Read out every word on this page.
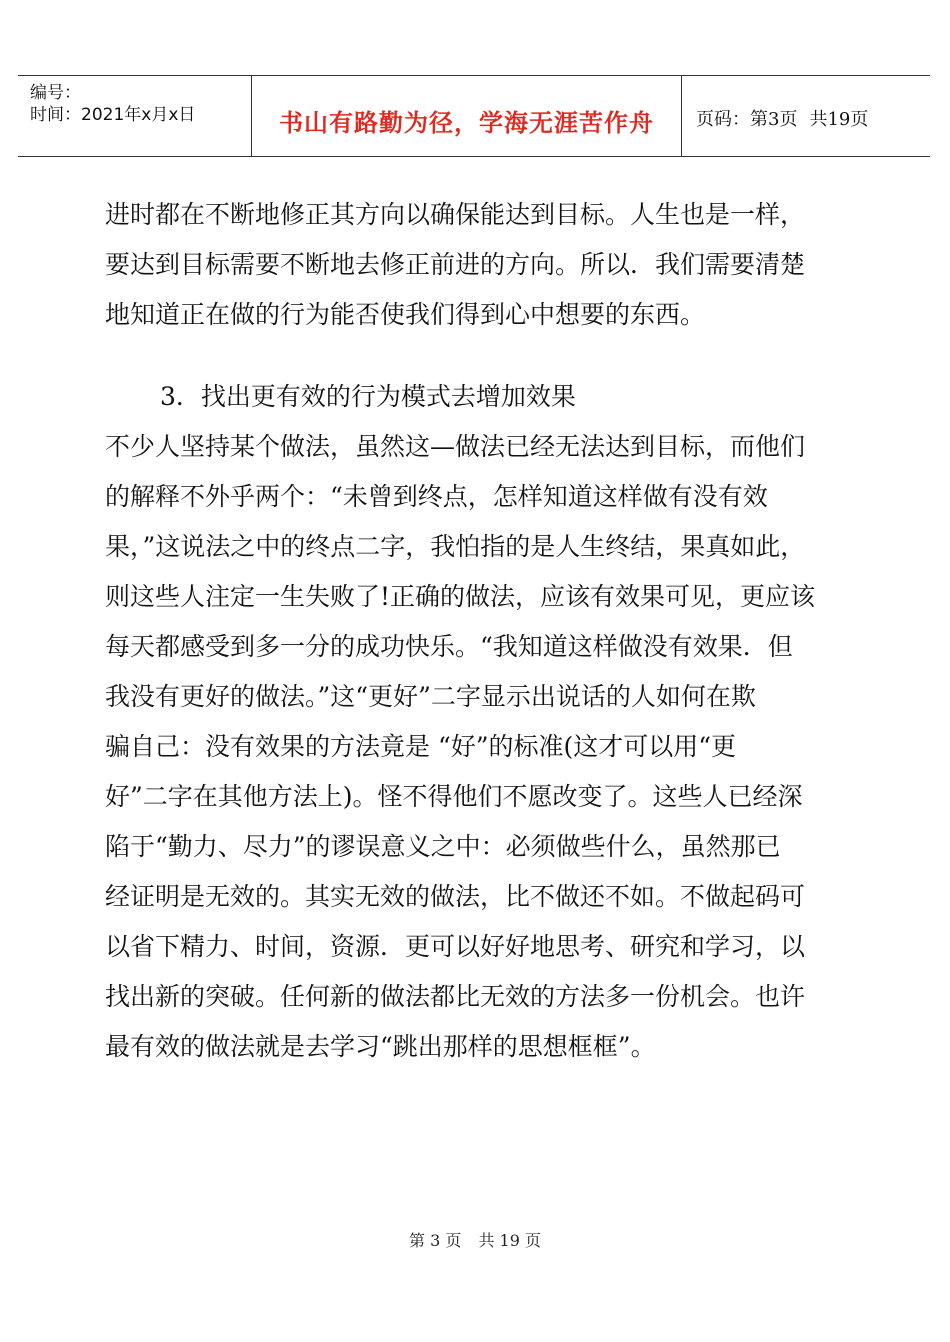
编号：
时间：2021年x月x日	书山有路勤为径，学海无涯苦作舟 页码：第3页 共19页
进时都在不断地修正其方向以确保能达到目标。人生也是一样，
要达到目标需要不断地去修正前进的方向。所以．我们需要清楚
地知道正在做的行为能否使我们得到心中想要的东西。
3．找出更有效的行为模式去增加效果
不少人坚持某个做法，虽然这—做法已经无法达到目标，而他们
的解释不外乎两个：“未曾到终点，怎样知道这样做有没有效
果，”这说法之中的终点二字，我怕指的是人生终结，果真如此，
则这些人注定一生失败了!正确的做法，应该有效果可见，更应该
每天都感受到多一分的成功快乐。“我知道这样做没有效果．但
我没有更好的做法。”这“更好”二字显示出说话的人如何在欺
骗自己：没有效果的方法竟是 “好”的标准(这才可以用“更
好”二字在其他方法上)。怪不得他们不愿改变了。这些人已经深
陷于“勤力、尽力”的谬误意义之中：必须做些什么，虽然那已
经证明是无效的。其实无效的做法，比不做还不如。不做起码可
以省下精力、时间，资源．更可以好好地思考、研究和学习，以
找出新的突破。任何新的做法都比无效的方法多一份机会。也许
最有效的做法就是去学习“跳出那样的思想框框”。
第 3 页 共 19 页
